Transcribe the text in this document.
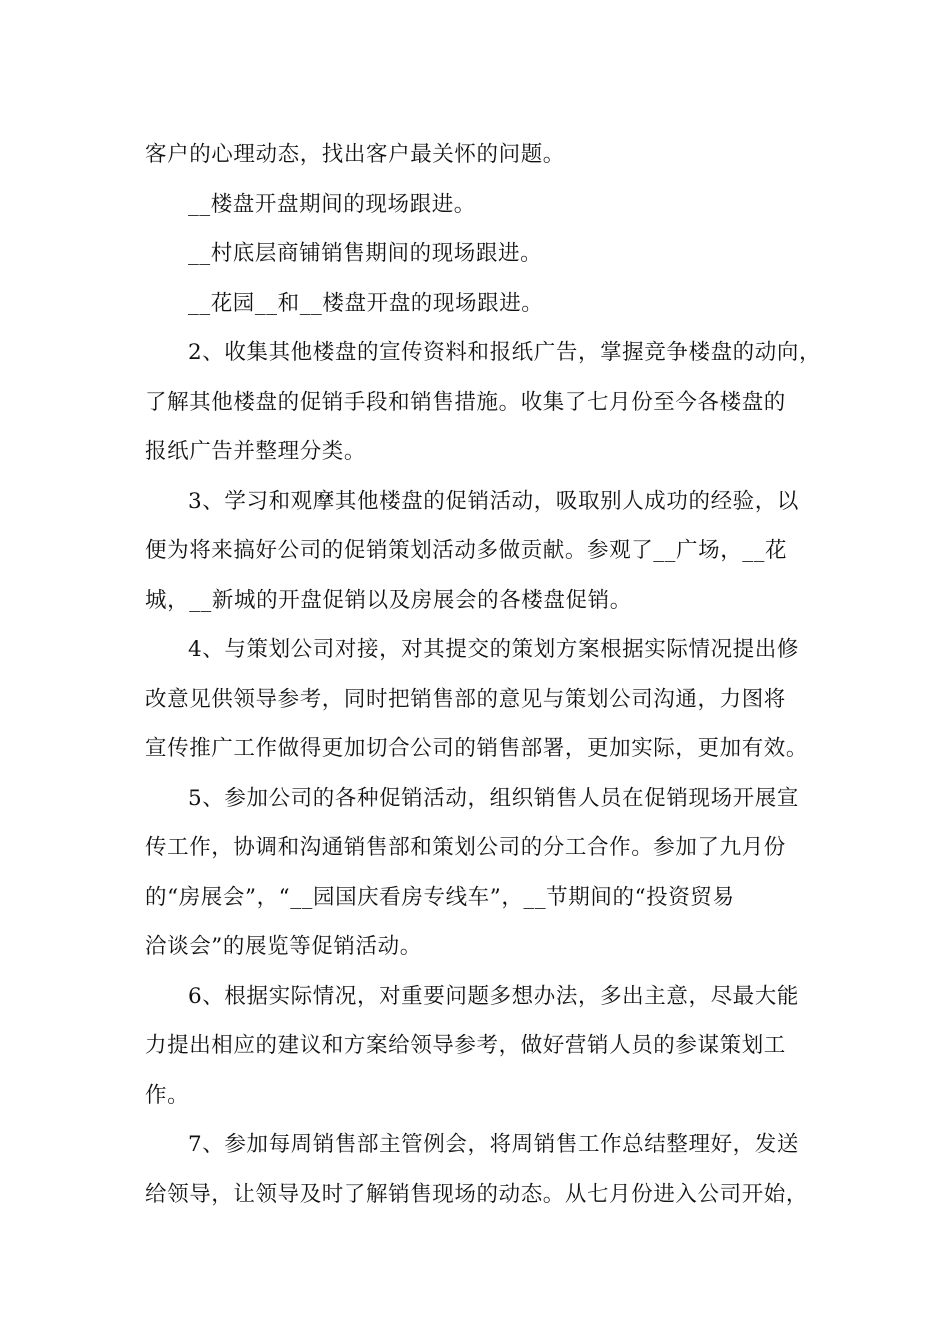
客户的心理动态，找出客户最关怀的问题。
__楼盘开盘期间的现场跟进。
__村底层商铺销售期间的现场跟进。
__花园__和__楼盘开盘的现场跟进。
2、收集其他楼盘的宣传资料和报纸广告，掌握竞争楼盘的动向，
了解其他楼盘的促销手段和销售措施。收集了七月份至今各楼盘的
报纸广告并整理分类。
3、学习和观摩其他楼盘的促销活动，吸取别人成功的经验，以
便为将来搞好公司的促销策划活动多做贡献。参观了__广场，__花
城，__新城的开盘促销以及房展会的各楼盘促销。
4、与策划公司对接，对其提交的策划方案根据实际情况提出修
改意见供领导参考，同时把销售部的意见与策划公司沟通，力图将
宣传推广工作做得更加切合公司的销售部署，更加实际，更加有效。
5、参加公司的各种促销活动，组织销售人员在促销现场开展宣
传工作，协调和沟通销售部和策划公司的分工合作。参加了九月份
的“房展会”，“__园国庆看房专线车”，__节期间的“投资贸易
洽谈会”的展览等促销活动。
6、根据实际情况，对重要问题多想办法，多出主意，尽最大能
力提出相应的建议和方案给领导参考，做好营销人员的参谋策划工
作。
7、参加每周销售部主管例会，将周销售工作总结整理好，发送
给领导，让领导及时了解销售现场的动态。从七月份进入公司开始，
